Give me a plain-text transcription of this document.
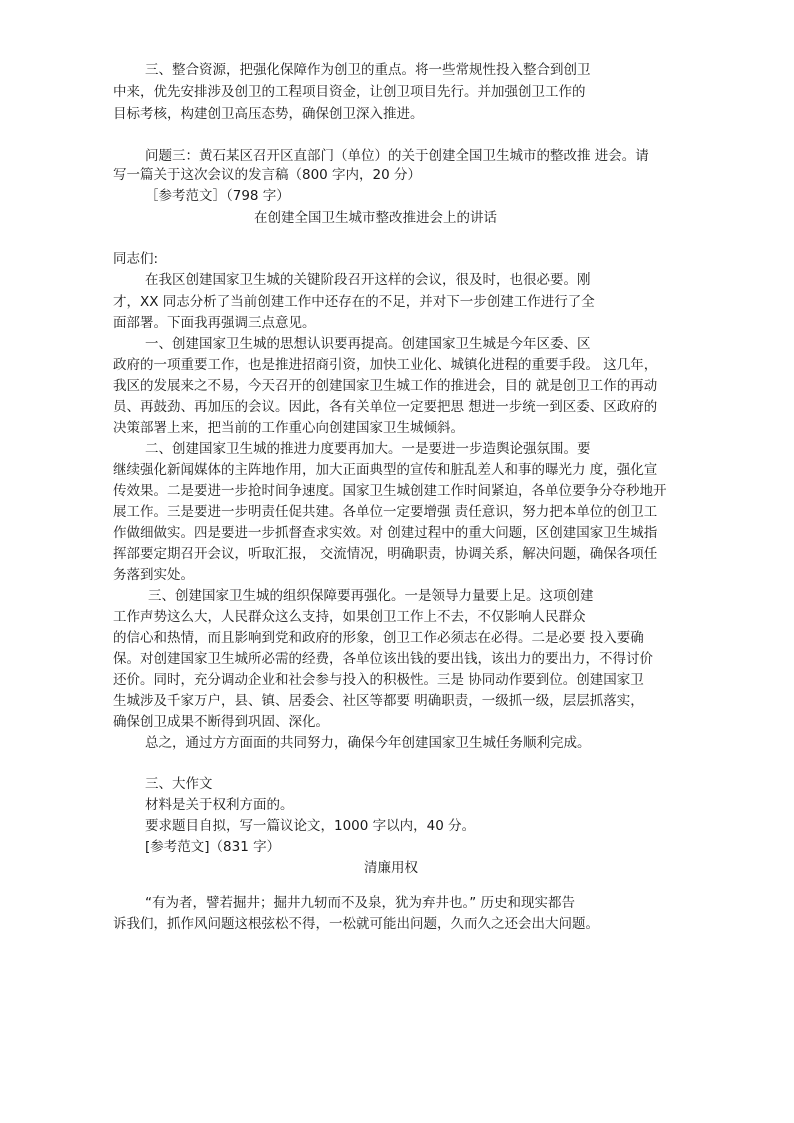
三、整合资源，把强化保障作为创卫的重点。将一些常规性投入整合到创卫
中来，优先安排涉及创卫的工程项目资金，让创卫项目先行。并加强创卫工作的
目标考核，构建创卫高压态势，确保创卫深入推进。
问题三：黄石某区召开区直部门（单位）的关于创建全国卫生城市的整改推 进会。请
写一篇关于这次会议的发言稿（800 字内，20 分）
［参考范文］（798 字）
在创建全国卫生城市整改推进会上的讲话
同志们:
在我区创建国家卫生城的关键阶段召开这样的会议，很及时，也很必要。刚
才，XX 同志分析了当前创建工作中还存在的不足，并对下一步创建工作进行了全
面部署。下面我再强调三点意见。
一、创建国家卫生城的思想认识要再提高。创建国家卫生城是今年区委、区
政府的一项重要工作，也是推进招商引资，加快工业化、城镇化进程的重要手段。 这几年，
我区的发展来之不易，今天召开的创建国家卫生城工作的推进会，目的 就是创卫工作的再动
员、再鼓劲、再加压的会议。因此，各有关单位一定要把思 想进一步统一到区委、区政府的
决策部署上来，把当前的工作重心向创建国家卫生城倾斜。
二、创建国家卫生城的推进力度要再加大。一是要进一步造舆论强氛围。要
继续强化新闻媒体的主阵地作用，加大正面典型的宣传和脏乱差人和事的曝光力 度，强化宣
传效果。二是要进一步抢时间争速度。国家卫生城创建工作时间紧迫，各单位要争分夺秒地开
展工作。三是要进一步明责任促共建。各单位一定要增强 责任意识，努力把本单位的创卫工
作做细做实。四是要进一步抓督查求实效。对 创建过程中的重大问题，区创建国家卫生城指
挥部要定期召开会议，听取汇报， 交流情况，明确职责，协调关系，解决问题，确保各项任
务落到实处。
三、创建国家卫生城的组织保障要再强化。一是领导力量要上足。这项创建
工作声势这么大，人民群众这么支持，如果创卫工作上不去，不仅影响人民群众
的信心和热情，而且影响到党和政府的形象，创卫工作必须志在必得。二是必要 投入要确
保。对创建国家卫生城所必需的经费，各单位该出钱的要出钱，该出力的要出力，不得讨价
还价。同时，充分调动企业和社会参与投入的积极性。三是 协同动作要到位。创建国家卫
生城涉及千家万户，县、镇、居委会、社区等都要 明确职责，一级抓一级，层层抓落实，
确保创卫成果不断得到巩固、深化。
总之，通过方方面面的共同努力，确保今年创建国家卫生城任务顺利完成。
三、大作文
材料是关于权利方面的。
要求题目自拟，写一篇议论文，1000 字以内，40 分。
[参考范文]（831 字）
清廉用权
“有为者，譬若掘井；掘井九轫而不及泉，犹为弃井也。” 历史和现实都告
诉我们，抓作风问题这根弦松不得，一松就可能出问题，久而久之还会出大问题。
